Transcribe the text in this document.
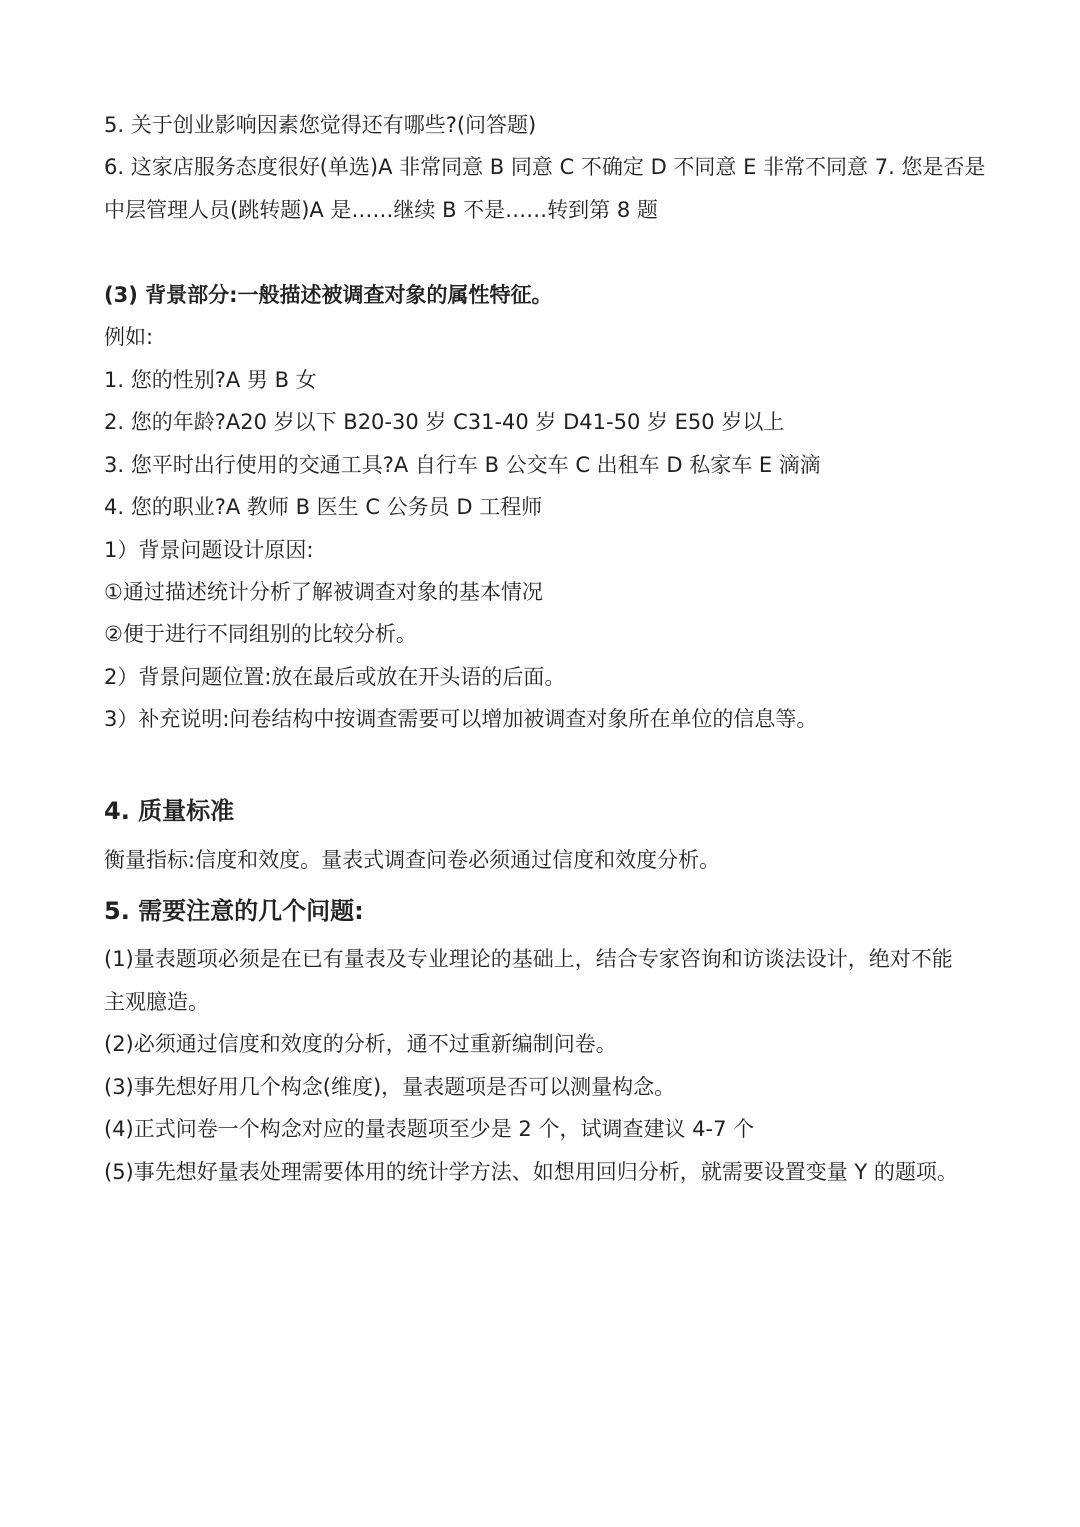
5. 关于创业影响因素您觉得还有哪些?(问答题)
6. 这家店服务态度很好(单选)A 非常同意 B 同意 C 不确定 D 不同意 E 非常不同意 7. 您是否是
中层管理人员(跳转题)A 是……继续 B 不是……转到第 8 题
(3) 背景部分:一般描述被调查对象的属性特征。
例如:
1. 您的性别?A 男 B 女
2. 您的年龄?A20 岁以下 B20-30 岁 C31-40 岁 D41-50 岁 E50 岁以上
3. 您平时出行使用的交通工具?A 自行车 B 公交车 C 出租车 D 私家车 E 滴滴
4. 您的职业?A 教师 B 医生 C 公务员 D 工程师
1）背景问题设计原因:
①通过描述统计分析了解被调查对象的基本情况
②便于进行不同组别的比较分析。
2）背景问题位置:放在最后或放在开头语的后面。
3）补充说明:问卷结构中按调查需要可以增加被调查对象所在单位的信息等。
4. 质量标准
衡量指标:信度和效度。量表式调查问卷必须通过信度和效度分析。
5. 需要注意的几个问题:
(1)量表题项必须是在已有量表及专业理论的基础上，结合专家咨询和访谈法设计，绝对不能
主观臆造。
(2)必须通过信度和效度的分析，通不过重新编制问卷。
(3)事先想好用几个构念(维度)，量表题项是否可以测量构念。
(4)正式问卷一个构念对应的量表题项至少是 2 个，试调查建议 4-7 个
(5)事先想好量表处理需要体用的统计学方法、如想用回归分析，就需要设置变量 Y 的题项。
